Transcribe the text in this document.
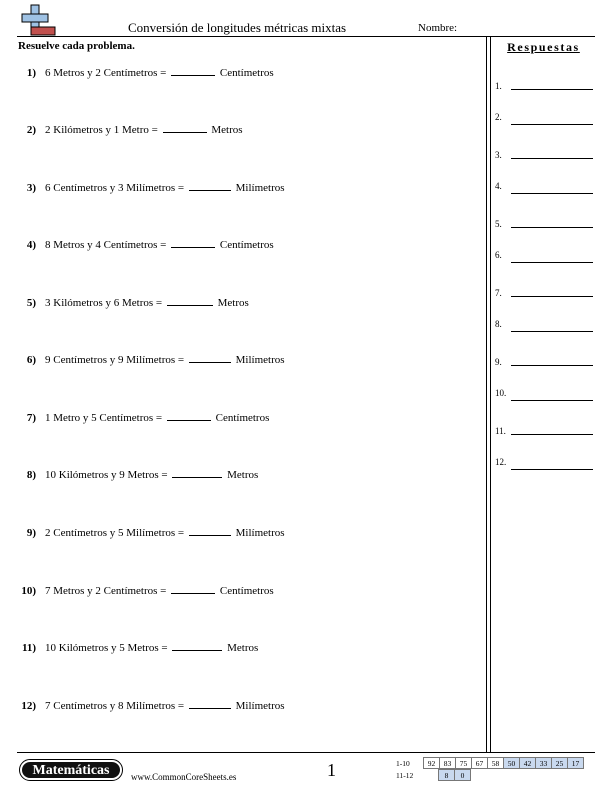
Conversión de longitudes métricas mixtas	Nombre:
Resuelve cada problema.
1) 6 Metros y 2 Centímetros =	Centímetros
2) 2 Kilómetros y 1 Metro =	Metros
3) 6 Centímetros y 3 Milímetros =	Milímetros
4) 8 Metros y 4 Centímetros =	Centímetros
5) 3 Kilómetros y 6 Metros =	Metros
6) 9 Centímetros y 9 Milímetros =	Milímetros
7) 1 Metro y 5 Centímetros =	Centímetros
8) 10 Kilómetros y 9 Metros =	Metros
9) 2 Centímetros y 5 Milímetros =	Milímetros
10) 7 Metros y 2 Centímetros =	Centímetros
11) 10 Kilómetros y 5 Metros =	Metros
12) 7 Centímetros y 8 Milímetros =	Milímetros
Respuestas
1.
2.
3.
4.
5.
6.
7.
8.
9.
10.
11.
12.
Matemáticas	www.CommonCoreSheets.es	1	1-10	92	83	75	67	58	50	42	33	25	17
11-12		8	0
